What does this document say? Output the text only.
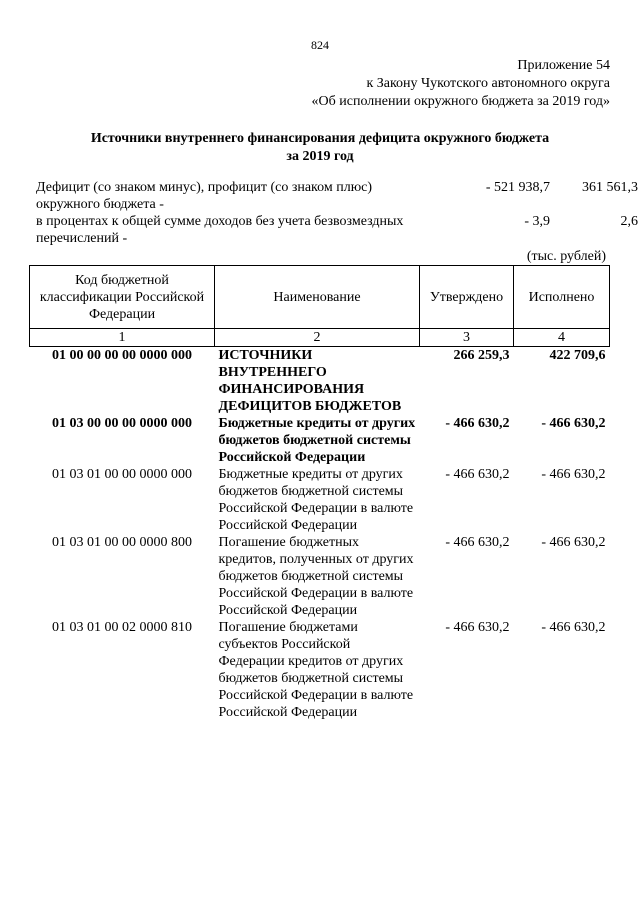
824
Приложение 54
к Закону Чукотского автономного округа
«Об исполнении окружного бюджета за 2019 год»
Источники внутреннего финансирования дефицита окружного бюджета
за 2019 год
Дефицит (со знаком минус), профицит (со знаком плюс) окружного бюджета -
- 521 938,7	361 561,3
в процентах к общей сумме доходов без учета безвозмездных перечислений -
- 3,9	2,6
(тыс. рублей)
Код бюджетной классификации Российской Федерации	Наименование	Утверждено	Исполнено
1	2	3	4
01 00 00 00 00 0000 000	ИСТОЧНИКИ ВНУТРЕННЕГО ФИНАНСИРОВАНИЯ ДЕФИЦИТОВ БЮДЖЕТОВ	266 259,3	422 709,6
01 03 00 00 00 0000 000	Бюджетные кредиты от других бюджетов бюджетной системы Российской Федерации	- 466 630,2	- 466 630,2
01 03 01 00 00 0000 000	Бюджетные кредиты от других бюджетов бюджетной системы Российской Федерации в валюте Российской Федерации	- 466 630,2	- 466 630,2
01 03 01 00 00 0000 800	Погашение бюджетных кредитов, полученных от других бюджетов бюджетной системы Российской Федерации в валюте Российской Федерации	- 466 630,2	- 466 630,2
01 03 01 00 02 0000 810	Погашение бюджетами субъектов Российской Федерации кредитов от других бюджетов бюджетной системы Российской Федерации в валюте Российской Федерации	- 466 630,2	- 466 630,2
